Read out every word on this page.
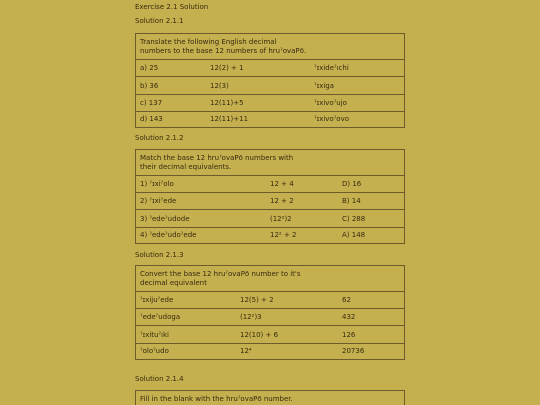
Exercise 2.1 Solution
Solution 2.1.1
Translate the following English decimal
numbers to the base 12 numbers of hruˀovaPō.
a) 25	12(2) + 1	ˀɪxideˀıchi
b) 36	12(3)	ˀɪxiga
c) 137	12(11)+5	ˀɪxivoˀujo
d) 143	12(11)+11	ˀɪxivoˀovo
Solution 2.1.2
Match the base 12 hruˀovaPō numbers with
their decimal equivalents.
1) ˀɪxiˀolo	12 + 4	D) 16
2) ˀɪxiˀede	12 + 2	B) 14
3) ˀedeˀudode	(12²)2	C) 288
4) ˀedeˀudoˀede	12² + 2	A) 148
Solution 2.1.3
Convert the base 12 hruˀovaPō number to it's
decimal equivalent
ˀɪxijuˀede	12(5) + 2	62
ˀedeˀudoga	(12²)3	432
ˀɪxituˀıki	12(10) + 6	126
ˀoloˀudo	12⁴	20736
Solution 2.1.4
Fill in the blank with the hruˀovaPō number.
